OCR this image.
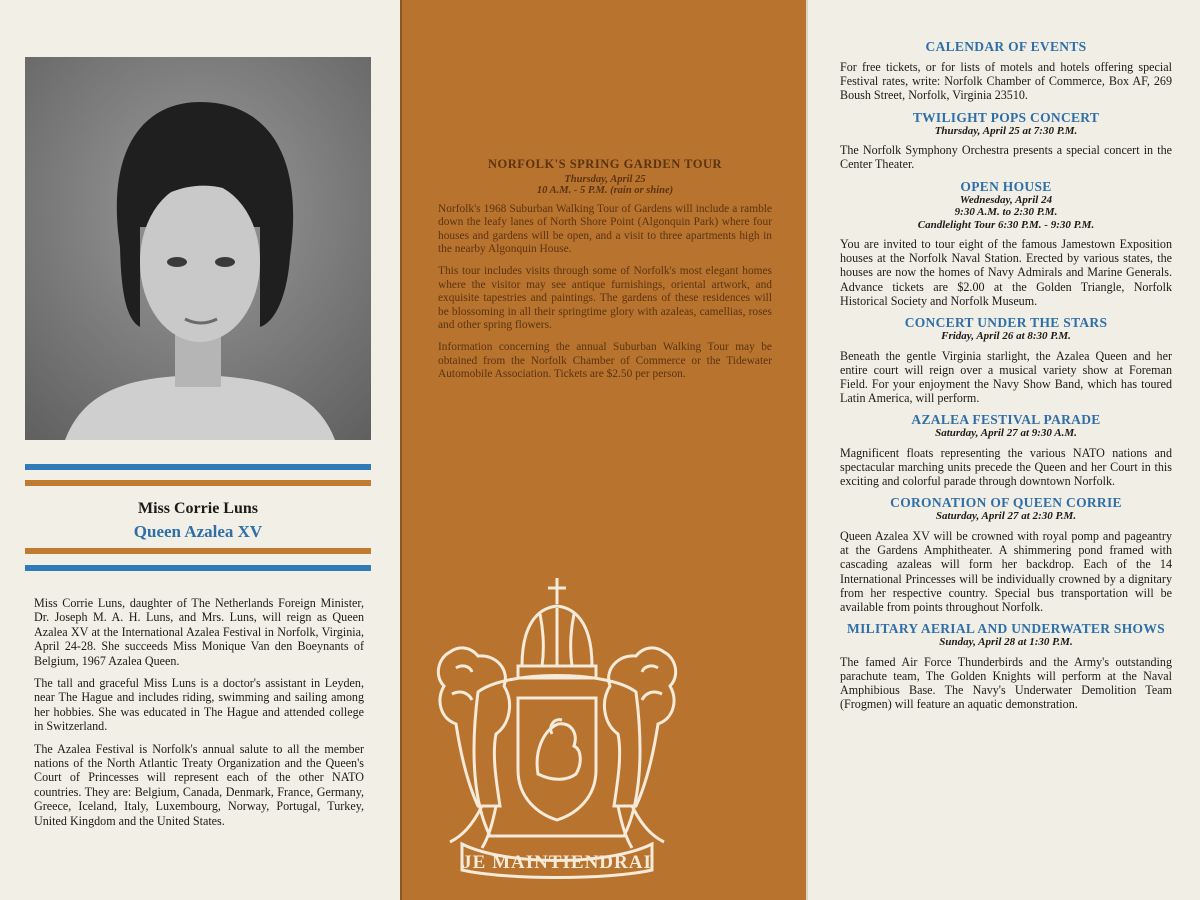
Miss Corrie Luns
Queen Azalea XV

Miss Corrie Luns, daughter of The Netherlands Foreign Minister, Dr. Joseph M. A. H. Luns, and Mrs. Luns, will reign as Queen Azalea XV at the International Azalea Festival in Norfolk, Virginia, April 24-28. She succeeds Miss Monique Van den Boeynants of Belgium, 1967 Azalea Queen.

The tall and graceful Miss Luns is a doctor's assistant in Leyden, near The Hague and includes riding, swimming and sailing among her hobbies. She was educated in The Hague and attended college in Switzerland.

The Azalea Festival is Norfolk's annual salute to all the member nations of the North Atlantic Treaty Organization and the Queen's Court of Princesses will represent each of the other NATO countries. They are: Belgium, Canada, Denmark, France, Germany, Greece, Iceland, Italy, Luxembourg, Norway, Portugal, Turkey, United Kingdom and the United States.

NORFOLK'S SPRING GARDEN TOUR
Thursday, April 25
10 A.M. - 5 P.M. (rain or shine)

Norfolk's 1968 Suburban Walking Tour of Gardens will include a ramble down the leafy lanes of North Shore Point (Algonquin Park) where four houses and gardens will be open, and a visit to three apartments high in the nearby Algonquin House.

This tour includes visits through some of Norfolk's most elegant homes where the visitor may see antique furnishings, oriental artwork, and exquisite tapestries and paintings. The gardens of these residences will be blossoming in all their springtime glory with azaleas, camellias, roses and other spring flowers.

Information concerning the annual Suburban Walking Tour may be obtained from the Norfolk Chamber of Commerce or the Tidewater Automobile Association. Tickets are $2.50 per person.

JE MAINTIENDRAI
CALENDAR OF EVENTS
For free tickets, or for lists of motels and hotels offering special Festival rates, write: Norfolk Chamber of Commerce, Box AF, 269 Boush Street, Norfolk, Virginia 23510.
TWILIGHT POPS CONCERT
Thursday, April 25 at 7:30 P.M.
The Norfolk Symphony Orchestra presents a special concert in the Center Theater.
OPEN HOUSE
Wednesday, April 24
9:30 A.M. to 2:30 P.M.
Candlelight Tour 6:30 P.M. - 9:30 P.M.
You are invited to tour eight of the famous Jamestown Exposition houses at the Norfolk Naval Station. Erected by various states, the houses are now the homes of Navy Admirals and Marine Generals. Advance tickets are $2.00 at the Golden Triangle, Norfolk Historical Society and Norfolk Museum.
CONCERT UNDER THE STARS
Friday, April 26 at 8:30 P.M.
Beneath the gentle Virginia starlight, the Azalea Queen and her entire court will reign over a musical variety show at Foreman Field. For your enjoyment the Navy Show Band, which has toured Latin America, will perform.
AZALEA FESTIVAL PARADE
Saturday, April 27 at 9:30 A.M.
Magnificent floats representing the various NATO nations and spectacular marching units precede the Queen and her Court in this exciting and colorful parade through downtown Norfolk.
CORONATION OF QUEEN CORRIE
Saturday, April 27 at 2:30 P.M.
Queen Azalea XV will be crowned with royal pomp and pageantry at the Gardens Amphitheater. A shimmering pond framed with cascading azaleas will form her backdrop. Each of the 14 International Princesses will be individually crowned by a dignitary from her respective country. Special bus transportation will be available from points throughout Norfolk.
MILITARY AERIAL AND UNDERWATER SHOWS
Sunday, April 28 at 1:30 P.M.
The famed Air Force Thunderbirds and the Army's outstanding parachute team, The Golden Knights will perform at the Naval Amphibious Base. The Navy's Underwater Demolition Team (Frogmen) will feature an aquatic demonstration.
